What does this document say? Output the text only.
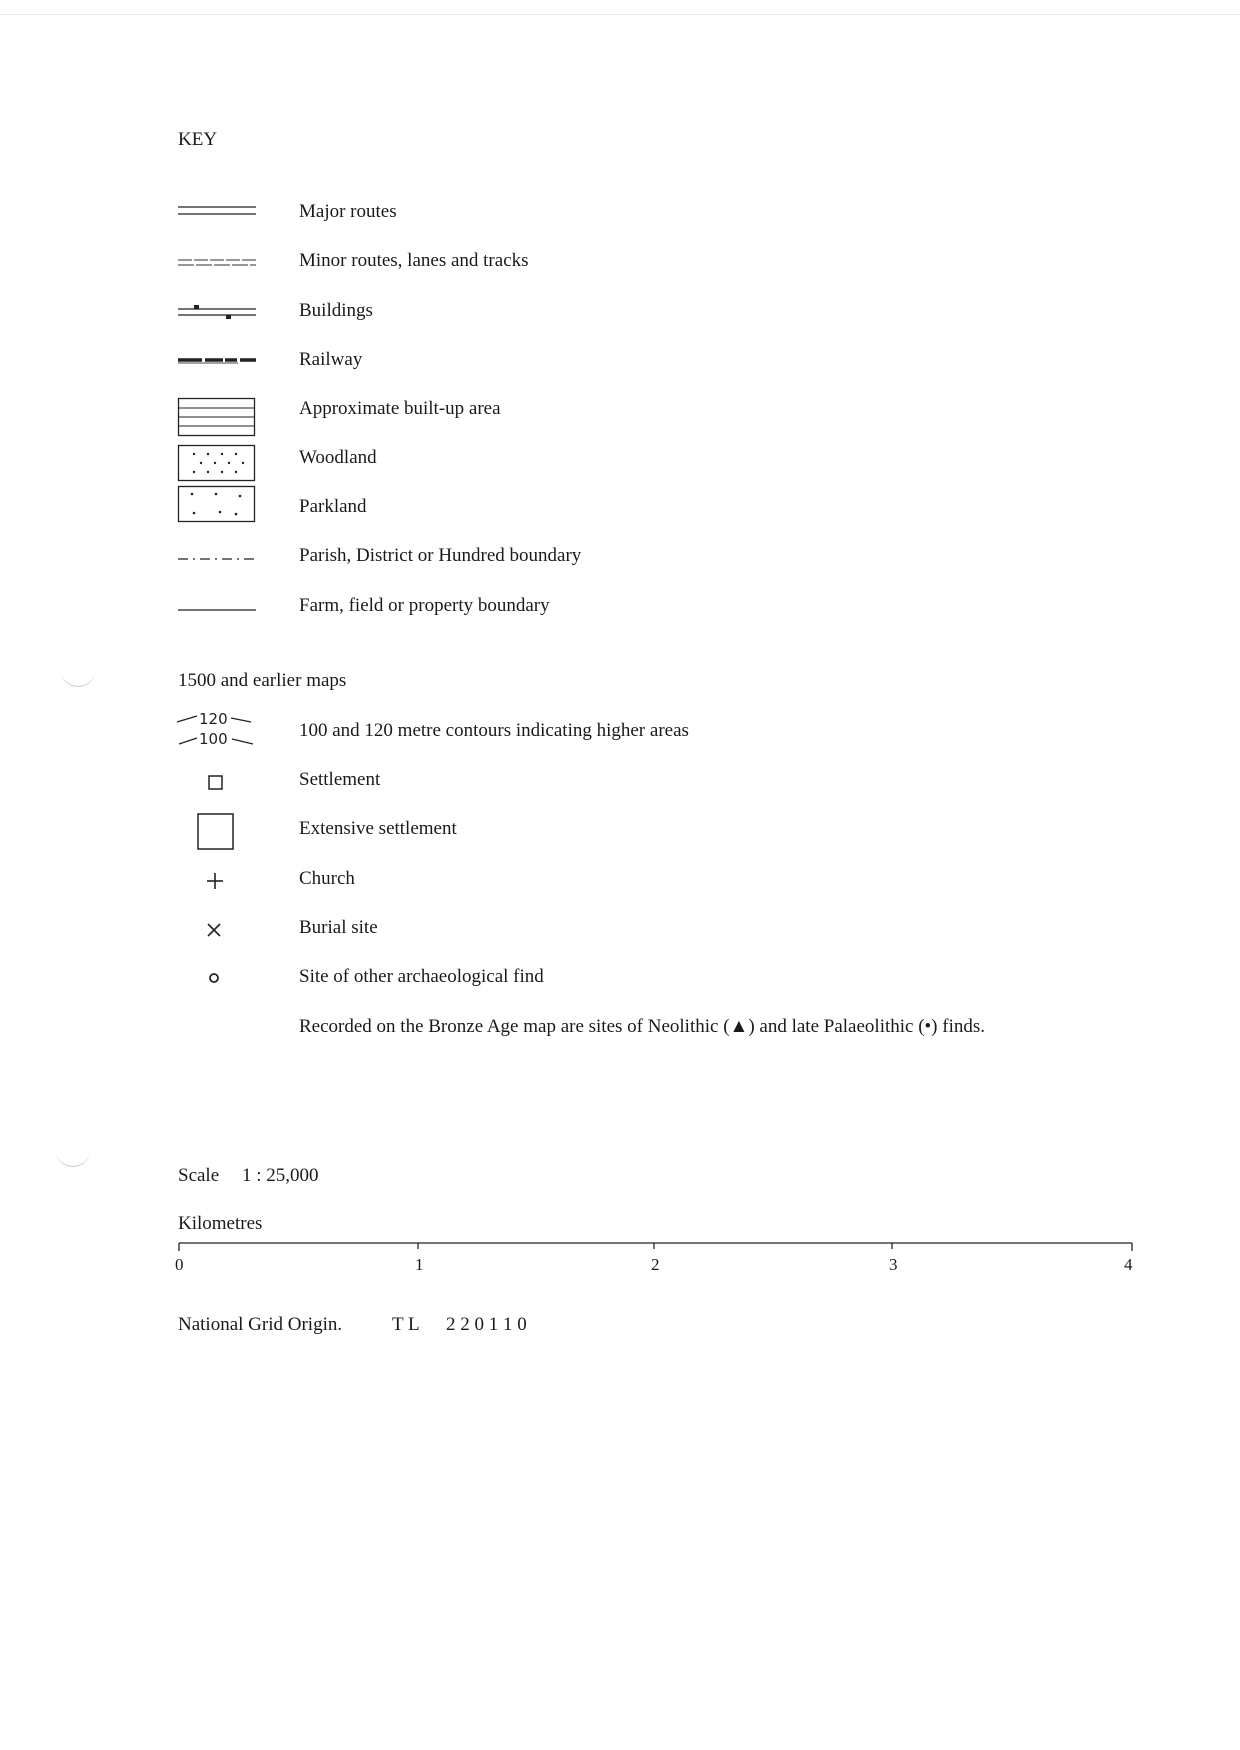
KEY
Major routes
Minor routes, lanes and tracks
Buildings
Railway
Approximate built-up area
Woodland
Parkland
Parish, District or Hundred boundary
Farm, field or property boundary
1500 and earlier maps
120
100	100 and 120 metre contours indicating higher areas
Settlement
Extensive settlement
Church
Burial site
Site of other archaeological find
Recorded on the Bronze Age map are sites of Neolithic (▲) and late Palaeolithic (•) finds.
Scale 1 : 25,000
Kilometres
0	1	2	3	4
National Grid Origin.	T L 2 2 0 1 1 0
